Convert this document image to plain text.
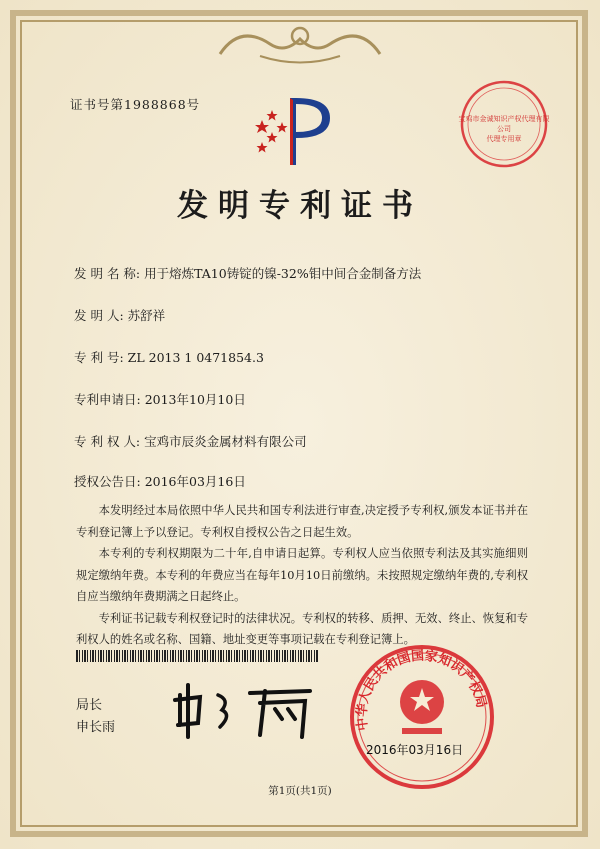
证书号第1988868号
宝鸡市金诚知识产权代理有限公司
代理专用章
发明专利证书
发 明 名 称: 用于熔炼TA10铸锭的镍-32%钼中间合金制备方法
发 明 人: 苏舒祥
专 利 号: ZL 2013 1 0471854.3
专利申请日: 2013年10月10日
专 利 权 人: 宝鸡市辰炎金属材料有限公司
授权公告日: 2016年03月16日

本发明经过本局依照中华人民共和国专利法进行审查,决定授予专利权,颁发本证书并在专利登记簿上予以登记。专利权自授权公告之日起生效。

本专利的专利权期限为二十年,自申请日起算。专利权人应当依照专利法及其实施细则规定缴纳年费。本专利的年费应当在每年10月10日前缴纳。未按照规定缴纳年费的,专利权自应当缴纳年费期满之日起终止。

专利证书记载专利权登记时的法律状况。专利权的转移、质押、无效、终止、恢复和专利权人的姓名或名称、国籍、地址变更等事项记载在专利登记簿上。

局长
申长雨	中华人民共和国国家知识产权局
2016年03月16日
第1页(共1页)
